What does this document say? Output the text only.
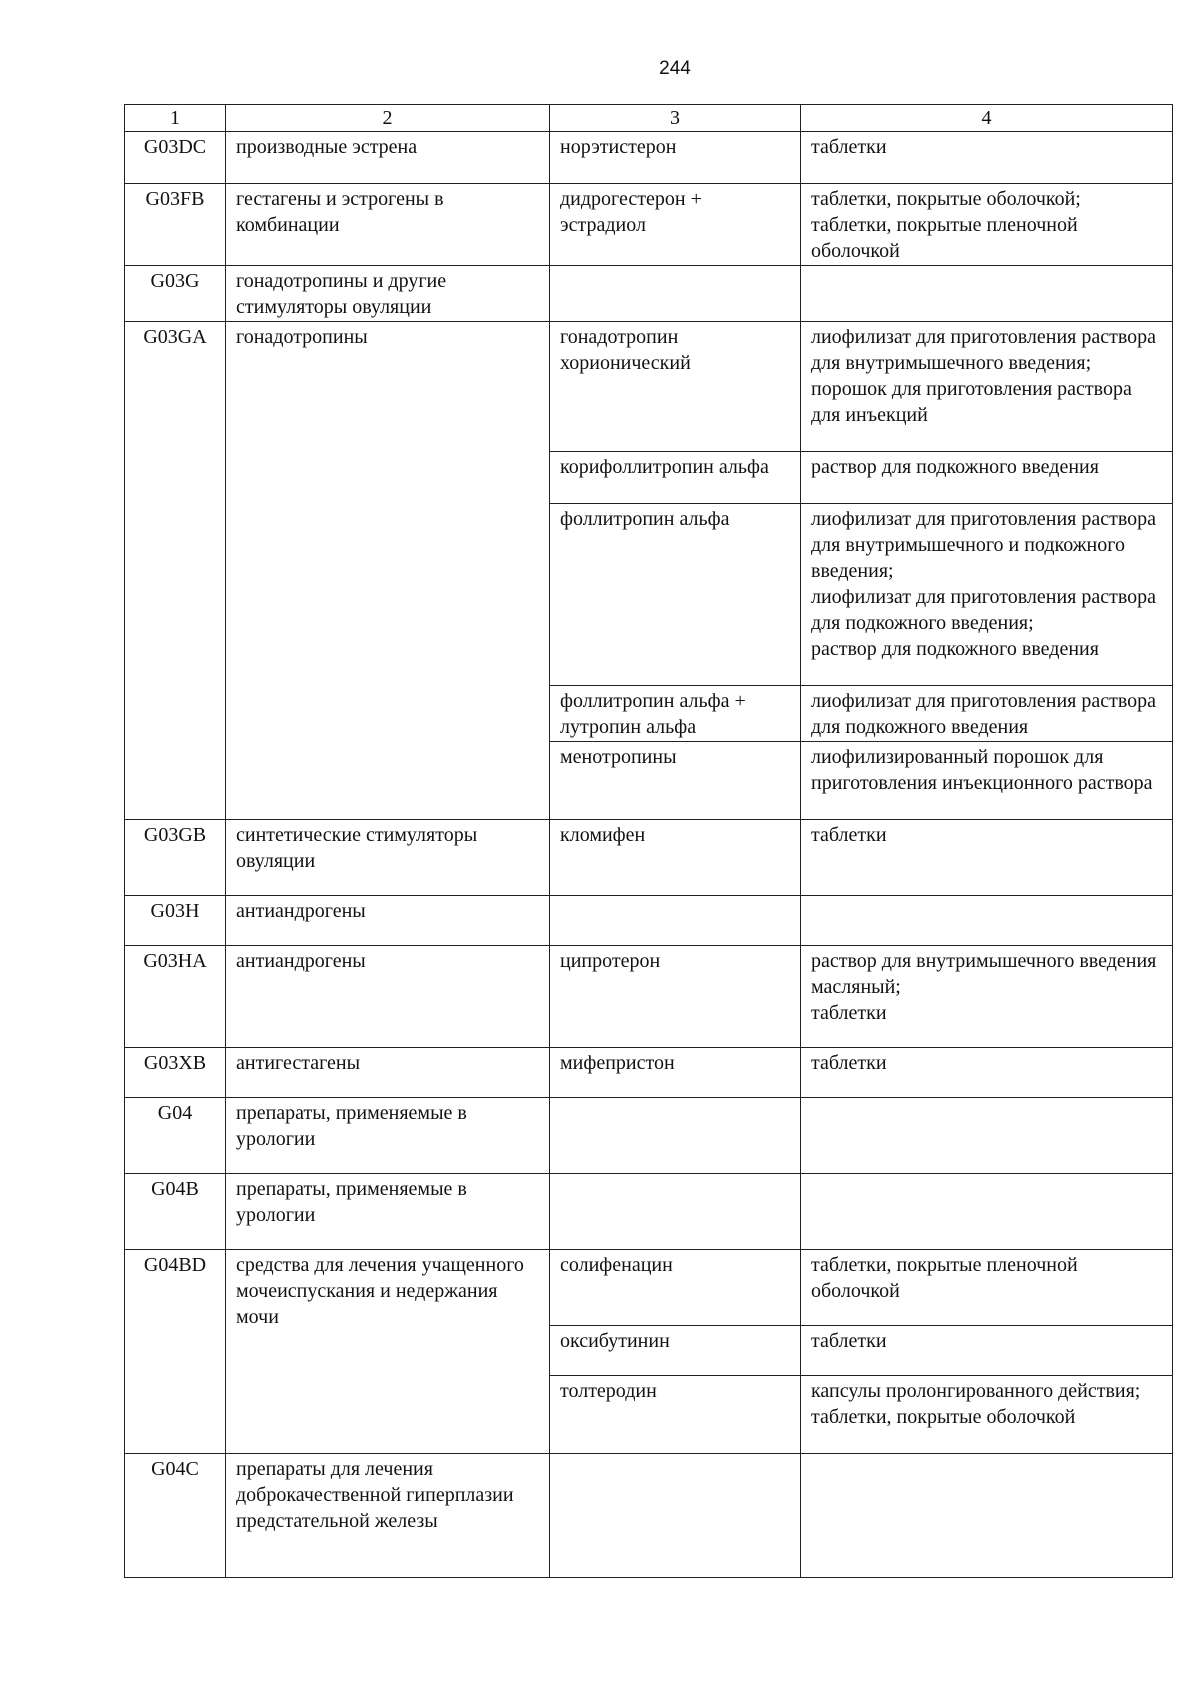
244
1	2	3	4
G03DC	производные эстрена	норэтистерон	таблетки
G03FB	гестагены и эстрогены в комбинации	дидрогестерон + эстрадиол	таблетки, покрытые оболочкой;
таблетки, покрытые пленочной оболочкой

G03G	гонадотропины и другие стимуляторы овуляции		
G03GA	гонадотропины	гонадотропин хорионический	лиофилизат для приготовления раствора для внутримышечного введения;
порошок для приготовления раствора для инъекций

		корифоллитропин альфа	раствор для подкожного введения
		фоллитропин альфа	лиофилизат для приготовления раствора для внутримышечного и подкожного введения;
лиофилизат для приготовления раствора для подкожного введения;
раствор для подкожного введения

		фоллитропин альфа + лутропин альфа	лиофилизат для приготовления раствора для подкожного введения
		менотропины	лиофилизированный порошок для приготовления инъекционного раствора
G03GB	синтетические стимуляторы овуляции	кломифен	таблетки
G03H	антиандрогены		
G03HA	антиандрогены	ципротерон	раствор для внутримышечного введения масляный;
таблетки

G03XB	антигестагены	мифепристон	таблетки
G04	препараты, применяемые в урологии		
G04B	препараты, применяемые в урологии		
G04BD	средства для лечения учащенного мочеиспускания и недержания мочи	солифенацин	таблетки, покрытые пленочной оболочкой
		оксибутинин	таблетки
		толтеродин	капсулы пролонгированного действия;
таблетки, покрытые оболочкой

G04C	препараты для лечения доброкачественной гиперплазии предстательной железы		
